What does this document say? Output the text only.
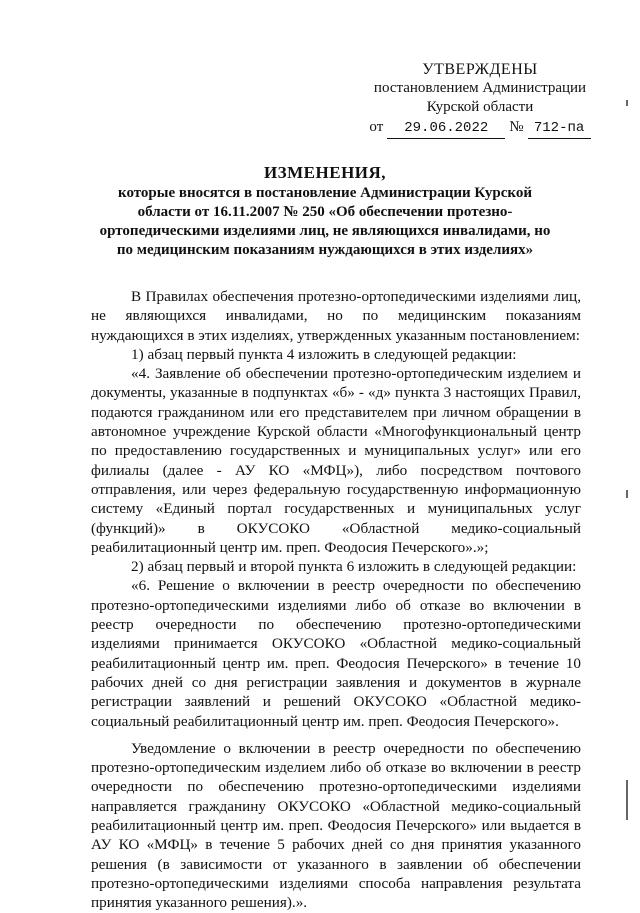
УТВЕРЖДЕНЫ
постановлением Администрации
Курской области
от	29.06.2022	№ 712-па
ИЗМЕНЕНИЯ,
которые вносятся в постановление Администрации Курской области от 16.11.2007 № 250 «Об обеспечении протезно-ортопедическими изделиями лиц, не являющихся инвалидами, но по медицинским показаниям нуждающихся в этих изделиях»

В Правилах обеспечения протезно-ортопедическими изделиями лиц, не являющихся инвалидами, но по медицинским показаниям нуждающихся в этих изделиях, утвержденных указанным постановлением:

1) абзац первый пункта 4 изложить в следующей редакции:

«4. Заявление об обеспечении протезно-ортопедическим изделием и документы, указанные в подпунктах «б» - «д» пункта 3 настоящих Правил, подаются гражданином или его представителем при личном обращении в автономное учреждение Курской области «Многофункциональный центр по предоставлению государственных и муниципальных услуг» или его филиалы (далее - АУ КО «МФЦ»), либо посредством почтового отправления, или через федеральную государственную информационную систему «Единый портал государственных и муниципальных услуг (функций)» в ОКУСОКО «Областной медико-социальный реабилитационный центр им. преп. Феодосия Печерского».»;

2) абзац первый и второй пункта 6 изложить в следующей редакции:

«6. Решение о включении в реестр очередности по обеспечению протезно-ортопедическими изделиями либо об отказе во включении в реестр очередности по обеспечению протезно-ортопедическими изделиями принимается ОКУСОКО «Областной медико-социальный реабилитационный центр им. преп. Феодосия Печерского» в течение 10 рабочих дней со дня регистрации заявления и документов в журнале регистрации заявлений и решений ОКУСОКО «Областной медико-социальный реабилитационный центр им. преп. Феодосия Печерского».

Уведомление о включении в реестр очередности по обеспечению протезно-ортопедическим изделием либо об отказе во включении в реестр очередности по обеспечению протезно-ортопедическими изделиями направляется гражданину ОКУСОКО «Областной медико-социальный реабилитационный центр им. преп. Феодосия Печерского» или выдается в АУ КО «МФЦ» в течение 5 рабочих дней со дня принятия указанного решения (в зависимости от указанного в заявлении об обеспечении протезно-ортопедическими изделиями способа направления результата принятия указанного решения).».
